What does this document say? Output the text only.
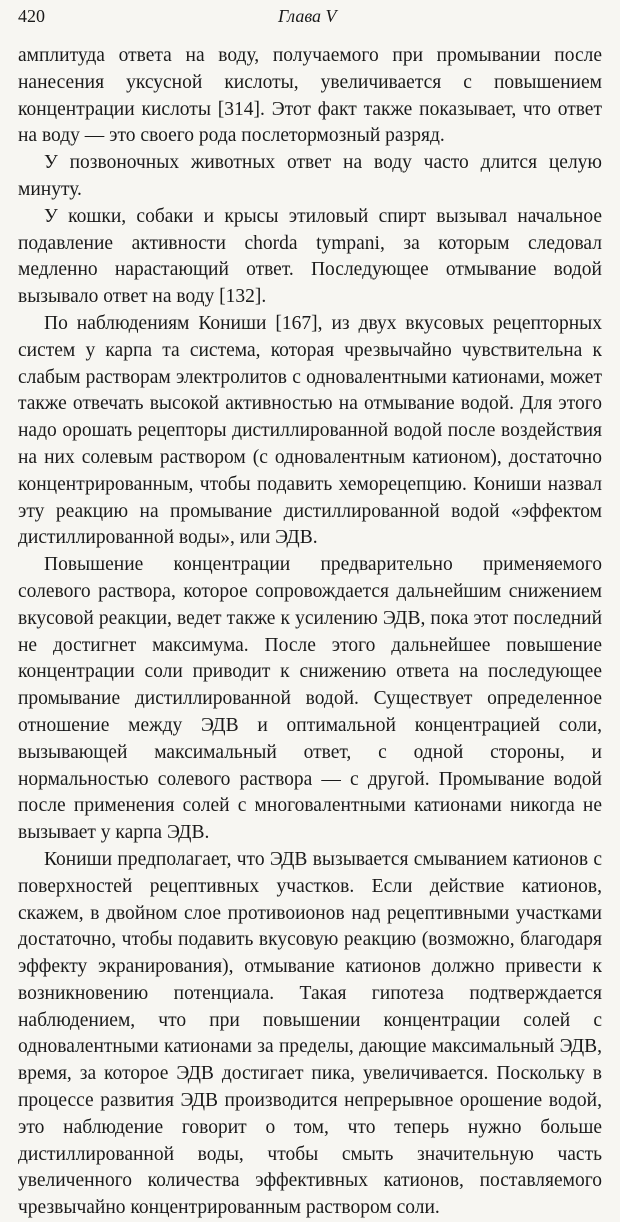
420	Глава V

амплитуда ответа на воду, получаемого при промывании после нанесения уксусной кислоты, увеличивается с повышением концентрации кислоты [314]. Этот факт также показывает, что ответ на воду — это своего рода послетормозный разряд.

У позвоночных животных ответ на воду часто длится целую минуту.

У кошки, собаки и крысы этиловый спирт вызывал начальное подавление активности chorda tympani, за которым следовал медленно нарастающий ответ. Последующее отмывание водой вызывало ответ на воду [132].

По наблюдениям Кониши [167], из двух вкусовых рецепторных систем у карпа та система, которая чрезвычайно чувствительна к слабым растворам электролитов с одновалентными катионами, может также отвечать высокой активностью на отмывание водой. Для этого надо орошать рецепторы дистиллированной водой после воздействия на них солевым раствором (с одновалентным катионом), достаточно концентрированным, чтобы подавить хеморецепцию. Кониши назвал эту реакцию на промывание дистиллированной водой «эффектом дистиллированной воды», или ЭДВ.

Повышение концентрации предварительно применяемого солевого раствора, которое сопровождается дальнейшим снижением вкусовой реакции, ведет также к усилению ЭДВ, пока этот последний не достигнет максимума. После этого дальнейшее повышение концентрации соли приводит к снижению ответа на последующее промывание дистиллированной водой. Существует определенное отношение между ЭДВ и оптимальной концентрацией соли, вызывающей максимальный ответ, с одной стороны, и нормальностью солевого раствора — с другой. Промывание водой после применения солей с многовалентными катионами никогда не вызывает у карпа ЭДВ.

Кониши предполагает, что ЭДВ вызывается смыванием катионов с поверхностей рецептивных участков. Если действие катионов, скажем, в двойном слое противоионов над рецептивными участками достаточно, чтобы подавить вкусовую реакцию (возможно, благодаря эффекту экранирования), отмывание катионов должно привести к возникновению потенциала. Такая гипотеза подтверждается наблюдением, что при повышении концентрации солей с одновалентными катионами за пределы, дающие максимальный ЭДВ, время, за которое ЭДВ достигает пика, увеличивается. Поскольку в процессе развития ЭДВ производится непрерывное орошение водой, это наблюдение говорит о том, что теперь нужно больше дистиллированной воды, чтобы смыть значительную часть увеличенного количества эффективных катионов, поставляемого чрезвычайно концентрированным раствором соли.
